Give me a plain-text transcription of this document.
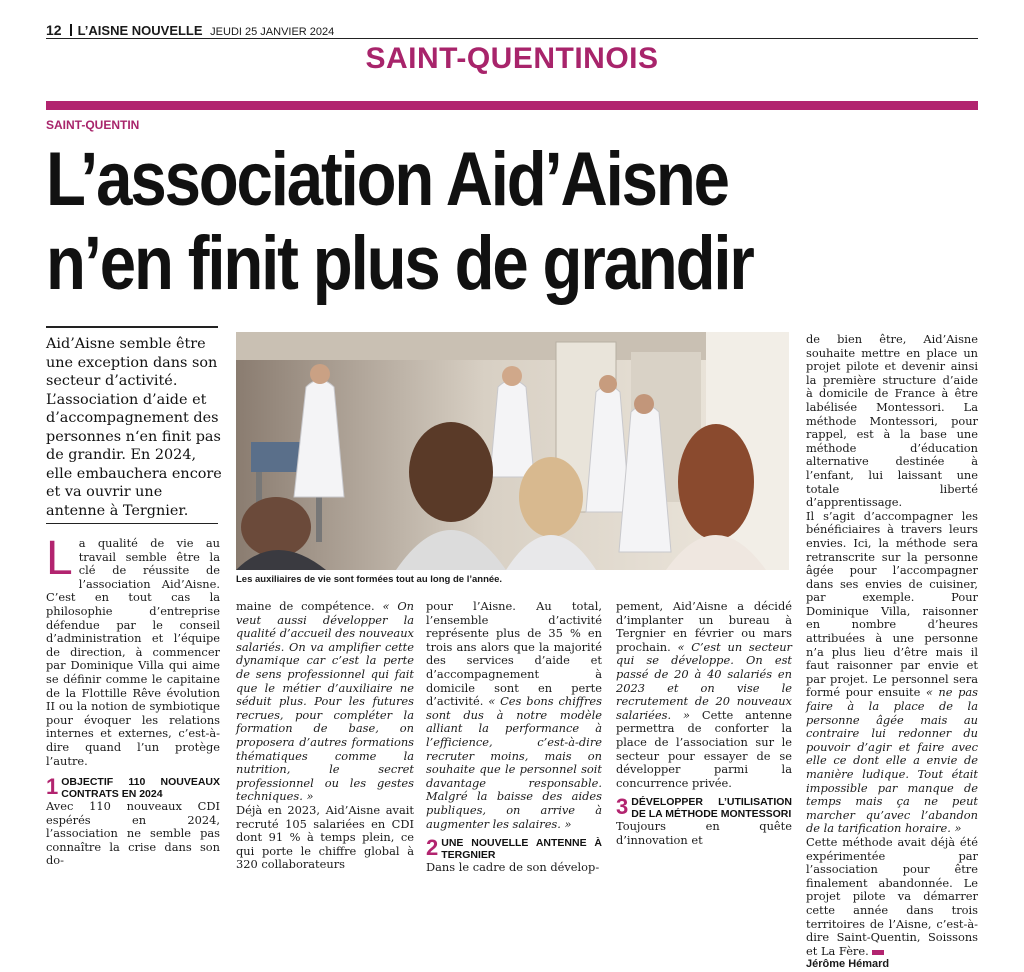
12 L’AISNE NOUVELLE JEUDI 25 JANVIER 2024
SAINT-QUENTINOIS
SAINT-QUENTIN
L’association Aid’Aisne
n’en finit plus de grandir
Aid’Aisne semble être une exception dans son secteur d’activité. L’association d’aide et d’accompagnement des personnes n‘en finit pas de grandir. En 2024, elle embauchera encore et va ouvrir une antenne à Tergnier.
Les auxiliaires de vie sont formées tout au long de l’année.
L a qualité de vie au travail semble être la clé de réussite de l’association Aid’Aisne. C’est en tout cas la philosophie d’entreprise défendue par le conseil d’administration et l’équipe de direction, à commencer par Dominique Villa qui aime se définir comme le capitaine de la Flottille Rêve évolution II ou la notion de symbiotique pour évoquer les relations internes et externes, c’est-à-dire quand l’un protège l’autre.

1 OBJECTIF 110 NOUVEAUX CONTRATS EN 2024

Avec 110 nouveaux CDI espérés en 2024, l’association ne semble pas connaître la crise dans son do-

maine de compétence. « On veut aussi développer la qualité d’accueil des nouveaux salariés. On va amplifier cette dynamique car c’est la perte de sens professionnel qui fait que le métier d’auxiliaire ne séduit plus. Pour les futures recrues, pour compléter la formation de base, on proposera d’autres formations thématiques comme la nutrition, le secret professionnel ou les gestes techniques. »

Déjà en 2023, Aid’Aisne avait recruté 105 salariées en CDI dont 91 % à temps plein, ce qui porte le chiffre global à 320 collaborateurs

pour l’Aisne. Au total, l’ensemble d’activité représente plus de 35 % en trois ans alors que la majorité des services d’aide et d’accompagnement à domicile sont en perte d’activité. « Ces bons chiffres sont dus à notre modèle alliant la performance à l’efficience, c’est-à-dire recruter moins, mais on souhaite que le personnel soit davantage responsable. Malgré la baisse des aides publiques, on arrive à augmenter les salaires. »

2 UNE NOUVELLE ANTENNE À TERGNIER

Dans le cadre de son dévelop-

pement, Aid’Aisne a décidé d’implanter un bureau à Tergnier en février ou mars prochain. « C’est un secteur qui se développe. On est passé de 20 à 40 salariés en 2023 et on vise le recrutement de 20 nouveaux salariées. » Cette antenne permettra de conforter la place de l’association sur le secteur pour essayer de se développer parmi la concurrence privée.

3 DÉVELOPPER L’UTILISATION DE LA MÉTHODE MONTESSORI

Toujours en quête d’innovation et

de bien être, Aid’Aisne souhaite mettre en place un projet pilote et devenir ainsi la première structure d’aide à domicile de France à être labélisée Montessori. La méthode Montessori, pour rappel, est à la base une méthode d’éducation alternative destinée à l’enfant, lui laissant une totale liberté d’apprentissage.

Il s’agit d’accompagner les bénéficiaires à travers leurs envies. Ici, la méthode sera retranscrite sur la personne âgée pour l’accompagner dans ses envies de cuisiner, par exemple. Pour Dominique Villa, raisonner en nombre d’heures attribuées à une personne n’a plus lieu d’être mais il faut raisonner par envie et par projet. Le personnel sera formé pour ensuite « ne pas faire à la place de la personne âgée mais au contraire lui redonner du pouvoir d’agir et faire avec elle ce dont elle a envie de manière ludique. Tout était impossible par manque de temps mais ça ne peut marcher qu’avec l’abandon de la tarification horaire. »

Cette méthode avait déjà été expérimentée par l’association pour être finalement abandonnée. Le projet pilote va démarrer cette année dans trois territoires de l’Aisne, c’est-à-dire Saint-Quentin, Soissons et La Fère.

Jérôme Hémard
